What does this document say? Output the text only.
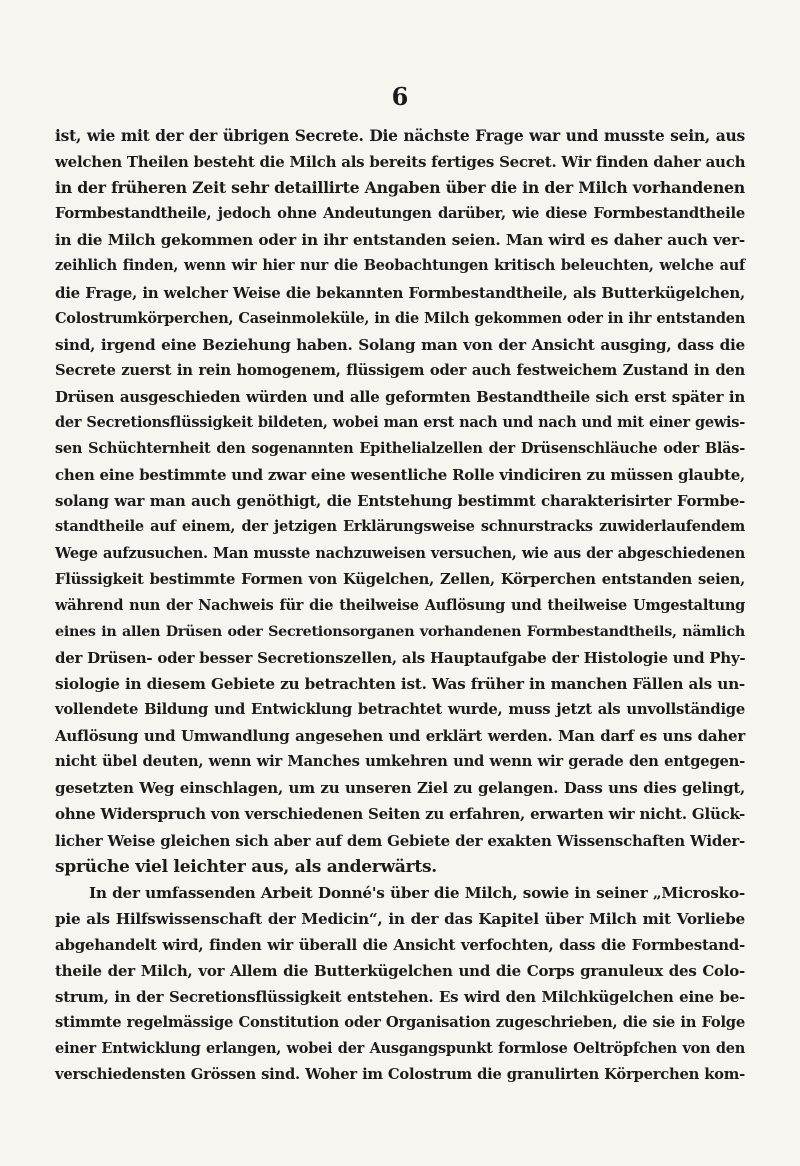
6
ist, wie mit der der übrigen Secrete. Die nächste Frage war und musste sein, aus
welchen Theilen besteht die Milch als bereits fertiges Secret. Wir finden daher auch
in der früheren Zeit sehr detaillirte Angaben über die in der Milch vorhandenen
Formbestandtheile, jedoch ohne Andeutungen darüber, wie diese Formbestandtheile
in die Milch gekommen oder in ihr entstanden seien. Man wird es daher auch ver-
zeihlich finden, wenn wir hier nur die Beobachtungen kritisch beleuchten, welche auf
die Frage, in welcher Weise die bekannten Formbestandtheile, als Butterkügelchen,
Colostrumkörperchen, Caseinmoleküle, in die Milch gekommen oder in ihr entstanden
sind, irgend eine Beziehung haben. Solang man von der Ansicht ausging, dass die
Secrete zuerst in rein homogenem, flüssigem oder auch festweichem Zustand in den
Drüsen ausgeschieden würden und alle geformten Bestandtheile sich erst später in
der Secretionsflüssigkeit bildeten, wobei man erst nach und nach und mit einer gewis-
sen Schüchternheit den sogenannten Epithelialzellen der Drüsenschläuche oder Bläs-
chen eine bestimmte und zwar eine wesentliche Rolle vindiciren zu müssen glaubte,
solang war man auch genöthigt, die Entstehung bestimmt charakterisirter Formbe-
standtheile auf einem, der jetzigen Erklärungsweise schnurstracks zuwiderlaufendem
Wege aufzusuchen. Man musste nachzuweisen versuchen, wie aus der abgeschiedenen
Flüssigkeit bestimmte Formen von Kügelchen, Zellen, Körperchen entstanden seien,
während nun der Nachweis für die theilweise Auflösung und theilweise Umgestaltung
eines in allen Drüsen oder Secretionsorganen vorhandenen Formbestandtheils, nämlich
der Drüsen- oder besser Secretionszellen, als Hauptaufgabe der Histologie und Phy-
siologie in diesem Gebiete zu betrachten ist. Was früher in manchen Fällen als un-
vollendete Bildung und Entwicklung betrachtet wurde, muss jetzt als unvollständige
Auflösung und Umwandlung angesehen und erklärt werden. Man darf es uns daher
nicht übel deuten, wenn wir Manches umkehren und wenn wir gerade den entgegen-
gesetzten Weg einschlagen, um zu unseren Ziel zu gelangen. Dass uns dies gelingt,
ohne Widerspruch von verschiedenen Seiten zu erfahren, erwarten wir nicht. Glück-
licher Weise gleichen sich aber auf dem Gebiete der exakten Wissenschaften Wider-
sprüche viel leichter aus, als anderwärts.
In der umfassenden Arbeit Donné's über die Milch, sowie in seiner „Microsko-
pie als Hilfswissenschaft der Medicin“, in der das Kapitel über Milch mit Vorliebe
abgehandelt wird, finden wir überall die Ansicht verfochten, dass die Formbestand-
theile der Milch, vor Allem die Butterkügelchen und die Corps granuleux des Colo-
strum, in der Secretionsflüssigkeit entstehen. Es wird den Milchkügelchen eine be-
stimmte regelmässige Constitution oder Organisation zugeschrieben, die sie in Folge
einer Entwicklung erlangen, wobei der Ausgangspunkt formlose Oeltröpfchen von den
verschiedensten Grössen sind. Woher im Colostrum die granulirten Körperchen kom-
